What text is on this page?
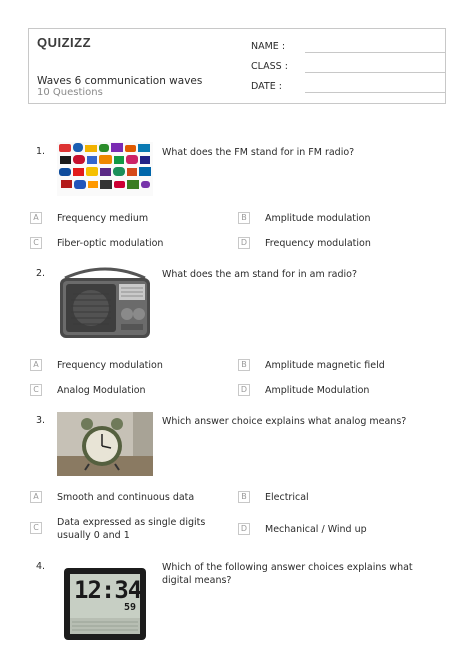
QUIZIZZ
Waves 6 communication waves
10 Questions
NAME :
CLASS :
DATE :
1.	What does the FM stand for in FM radio?
A	Frequency medium	B	Amplitude modulation
C	Fiber-optic modulation	D	Frequency modulation
2.	What does the am stand for in am radio?
A	Frequency modulation	B	Amplitude magnetic field
C	Analog Modulation	D	Amplitude Modulation
3.	Which answer choice explains what analog means?
A	Smooth and continuous data	B	Electrical
C	Data expressed as single digits usually 0 and 1
D	Mechanical / Wind up
4.
12:34
59
Which of the following answer choices explains what digital means?
